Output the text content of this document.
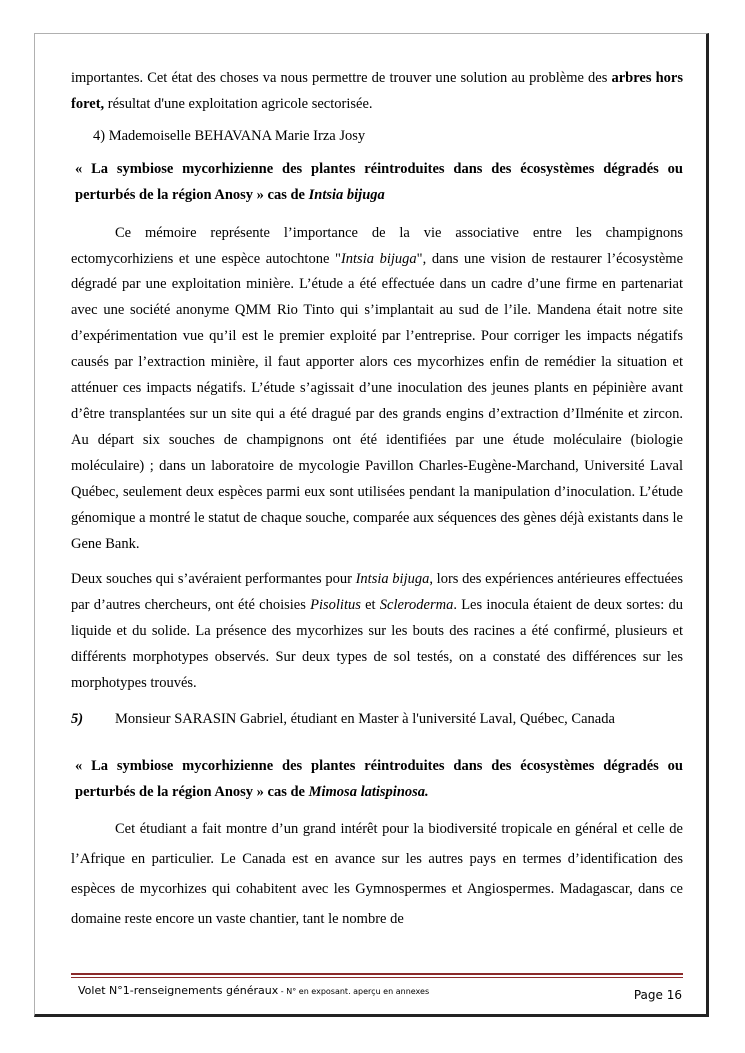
importantes. Cet état des choses va nous permettre de trouver une solution au problème des arbres hors foret, résultat d'une exploitation agricole sectorisée.

4) Mademoiselle BEHAVANA Marie Irza Josy

« La symbiose mycorhizienne des plantes réintroduites dans des écosystèmes dégradés ou perturbés de la région Anosy » cas de Intsia bijuga

Ce mémoire représente l’importance de la vie associative entre les champignons ectomycorhiziens et une espèce autochtone "Intsia bijuga", dans une vision de restaurer l’écosystème dégradé par une exploitation minière. L’étude a été effectuée dans un cadre d’une firme en partenariat avec une société anonyme QMM Rio Tinto qui s’implantait au sud de l’ile. Mandena était notre site d’expérimentation vue qu’il est le premier exploité par l’entreprise. Pour corriger les impacts négatifs causés par l’extraction minière, il faut apporter alors ces mycorhizes enfin de remédier la situation et atténuer ces impacts négatifs. L’étude s’agissait d’une inoculation des jeunes plants en pépinière avant d’être transplantées sur un site qui a été dragué par des grands engins d’extraction d’Ilménite et zircon. Au départ six souches de champignons ont été identifiées par une étude moléculaire (biologie moléculaire) ; dans un laboratoire de mycologie Pavillon Charles-Eugène-Marchand, Université Laval Québec, seulement deux espèces parmi eux sont utilisées pendant la manipulation d’inoculation. L’étude génomique a montré le statut de chaque souche, comparée aux séquences des gènes déjà existants dans le Gene Bank.

Deux souches qui s’avéraient performantes pour Intsia bijuga, lors des expériences antérieures effectuées par d’autres chercheurs, ont été choisies Pisolitus et Scleroderma. Les inocula étaient de deux sortes: du liquide et du solide. La présence des mycorhizes sur les bouts des racines a été confirmé, plusieurs et différents morphotypes observés. Sur deux types de sol testés, on a constaté des différences sur les morphotypes trouvés.

5)	Monsieur SARASIN Gabriel, étudiant en Master à l'université Laval, Québec, Canada

« La symbiose mycorhizienne des plantes réintroduites dans des écosystèmes dégradés ou perturbés de la région Anosy » cas de Mimosa latispinosa.

Cet étudiant a fait montre d’un grand intérêt pour la biodiversité tropicale en général et celle de l’Afrique en particulier. Le Canada est en avance sur les autres pays en termes d’identification des espèces de mycorhizes qui cohabitent avec les Gymnospermes et Angiospermes. Madagascar, dans ce domaine reste encore un vaste chantier, tant le nombre de

Volet N°1-renseignements généraux - N° en exposant. aperçu en annexes	Page 16
